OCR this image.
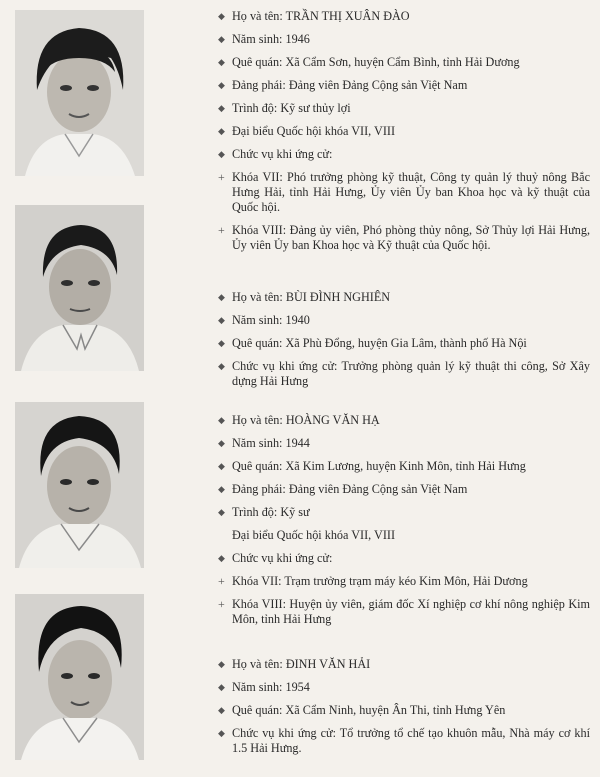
◆ Họ và tên: TRẦN THỊ XUÂN ĐÀO

◆ Năm sinh: 1946

◆ Quê quán: Xã Cẩm Sơn, huyện Cẩm Bình, tỉnh Hải Dương

◆ Đảng phái: Đảng viên Đảng Cộng sản Việt Nam

◆ Trình độ: Kỹ sư thủy lợi

◆ Đại biểu Quốc hội khóa VII, VIII

◆ Chức vụ khi ứng cử:

+ Khóa VII: Phó trưởng phòng kỹ thuật, Công ty quản lý thuỷ nông Bắc Hưng Hải, tỉnh Hải Hưng, Ủy viên Ủy ban Khoa học và kỹ thuật của Quốc hội.

+ Khóa VIII: Đảng ủy viên, Phó phòng thủy nông, Sở Thủy lợi Hải Hưng, Ủy viên Ủy ban Khoa học và Kỹ thuật của Quốc hội.

◆ Họ và tên: BÙI ĐÌNH NGHIÊN

◆ Năm sinh: 1940

◆ Quê quán: Xã Phù Đổng, huyện Gia Lâm, thành phố Hà Nội

◆ Chức vụ khi ứng cử: Trưởng phòng quản lý kỹ thuật thi công, Sở Xây dựng Hải Hưng

◆ Họ và tên: HOÀNG VĂN HẠ

◆ Năm sinh: 1944

◆ Quê quán: Xã Kim Lương, huyện Kinh Môn, tỉnh Hải Hưng

◆ Đảng phái: Đảng viên Đảng Cộng sản Việt Nam

◆ Trình độ: Kỹ sư

Đại biểu Quốc hội khóa VII, VIII

◆ Chức vụ khi ứng cử:

+ Khóa VII: Trạm trưởng trạm máy kéo Kim Môn, Hải Dương

+ Khóa VIII: Huyện ủy viên, giám đốc Xí nghiệp cơ khí nông nghiệp Kim Môn, tỉnh Hải Hưng

◆ Họ và tên: ĐINH VĂN HẢI

◆ Năm sinh: 1954

◆ Quê quán: Xã Cẩm Ninh, huyện Ân Thi, tỉnh Hưng Yên

◆ Chức vụ khi ứng cử: Tổ trưởng tổ chế tạo khuôn mẫu, Nhà máy cơ khí 1.5 Hải Hưng.
